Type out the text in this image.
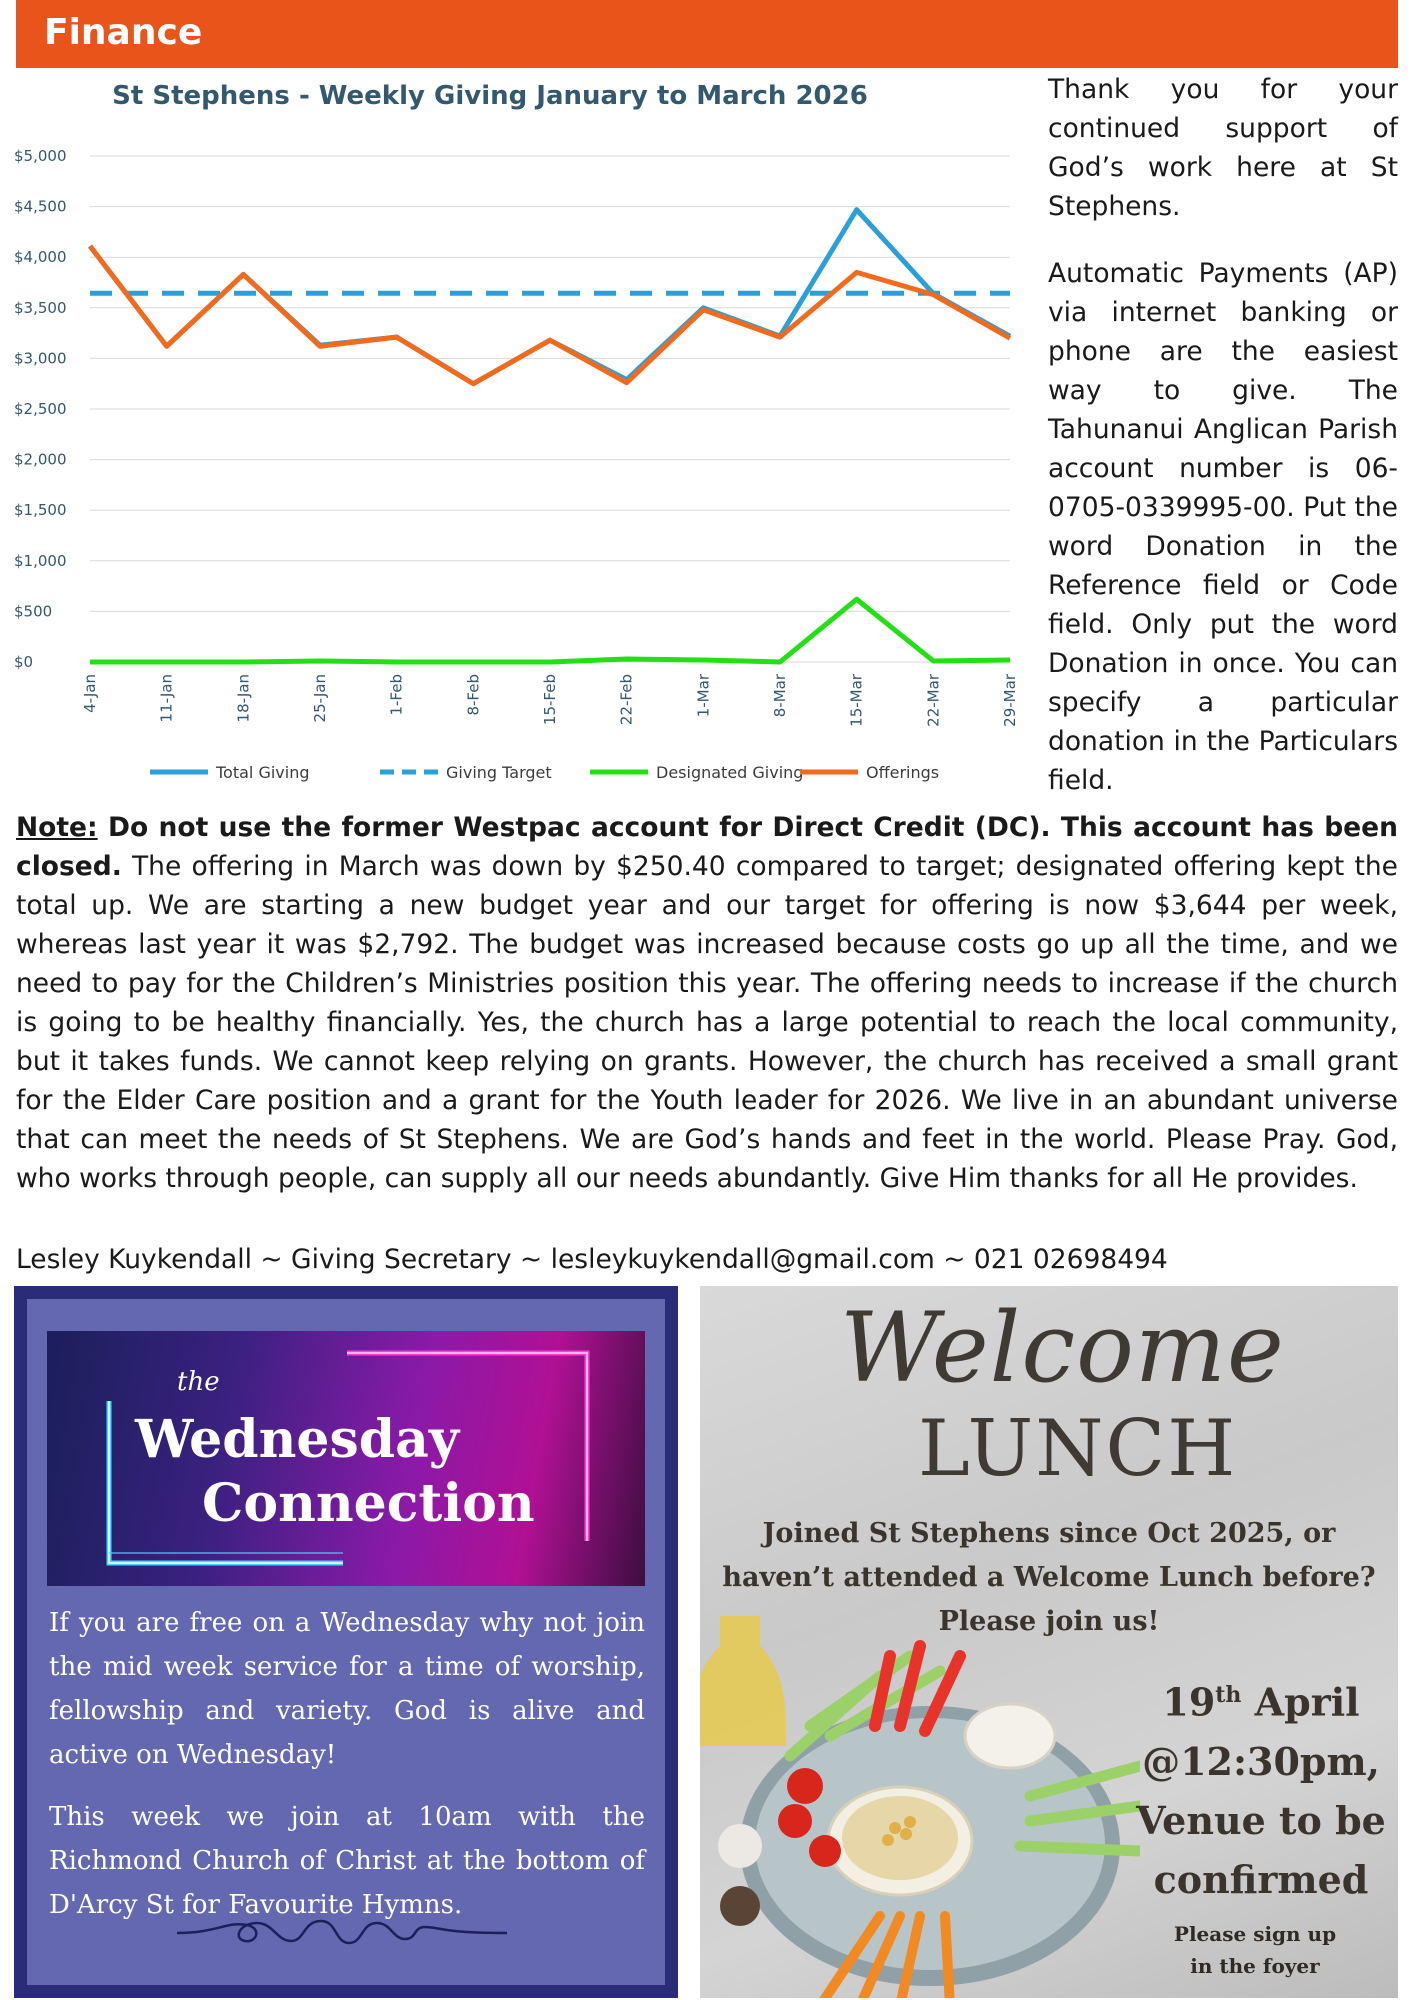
Finance
St Stephens - Weekly Giving January to March 2026
$0
$500
$1,000
$1,500
$2,000
$2,500
$3,000
$3,500
$4,000
$4,500
$5,000
4-Jan	11-Jan	18-Jan	25-Jan	1-Feb	8-Feb	15-Feb	22-Feb	1-Mar	8-Mar	15-Mar	22-Mar	29-Mar
Total Giving	Giving Target	Designated Giving	Offerings

Thank you for your continued support of God’s work here at St Stephens.

Automatic Payments (AP) via internet banking or phone are the easiest way to give. The Tahunanui Anglican Parish account number is 06-0705-0339995-00. Put the word Donation in the Reference field or Code field. Only put the word Donation in once. You can specify a particular donation in the Particulars field.

Note: Do not use the former Westpac account for Direct Credit (DC). This account has been closed. The offering in March was down by $250.40 compared to target; designated offering kept the total up. We are starting a new budget year and our target for offering is now $3,644 per week, whereas last year it was $2,792. The budget was increased because costs go up all the time, and we need to pay for the Children’s Ministries position this year. The offering needs to increase if the church is going to be healthy financially. Yes, the church has a large potential to reach the local community, but it takes funds. We cannot keep relying on grants. However, the church has received a small grant for the Elder Care position and a grant for the Youth leader for 2026. We live in an abundant universe that can meet the needs of St Stephens. We are God’s hands and feet in the world. Please Pray. God, who works through people, can supply all our needs abundantly. Give Him thanks for all He provides.
Lesley Kuykendall ~ Giving Secretary ~ lesleykuykendall@gmail.com ~ 021 02698494
the
Wednesday
Connection

If you are free on a Wednesday why not join the mid week service for a time of worship, fellowship and variety. God is alive and active on Wednesday!

This week we join at 10am with the Richmond Church of Christ at the bottom of D'Arcy St for Favourite Hymns.

Welcome
LUNCH
Joined St Stephens since Oct 2025, or haven’t attended a Welcome Lunch before? Please join us!
19th April
@12:30pm,
Venue to be
confirmed
Please sign up
in the foyer
